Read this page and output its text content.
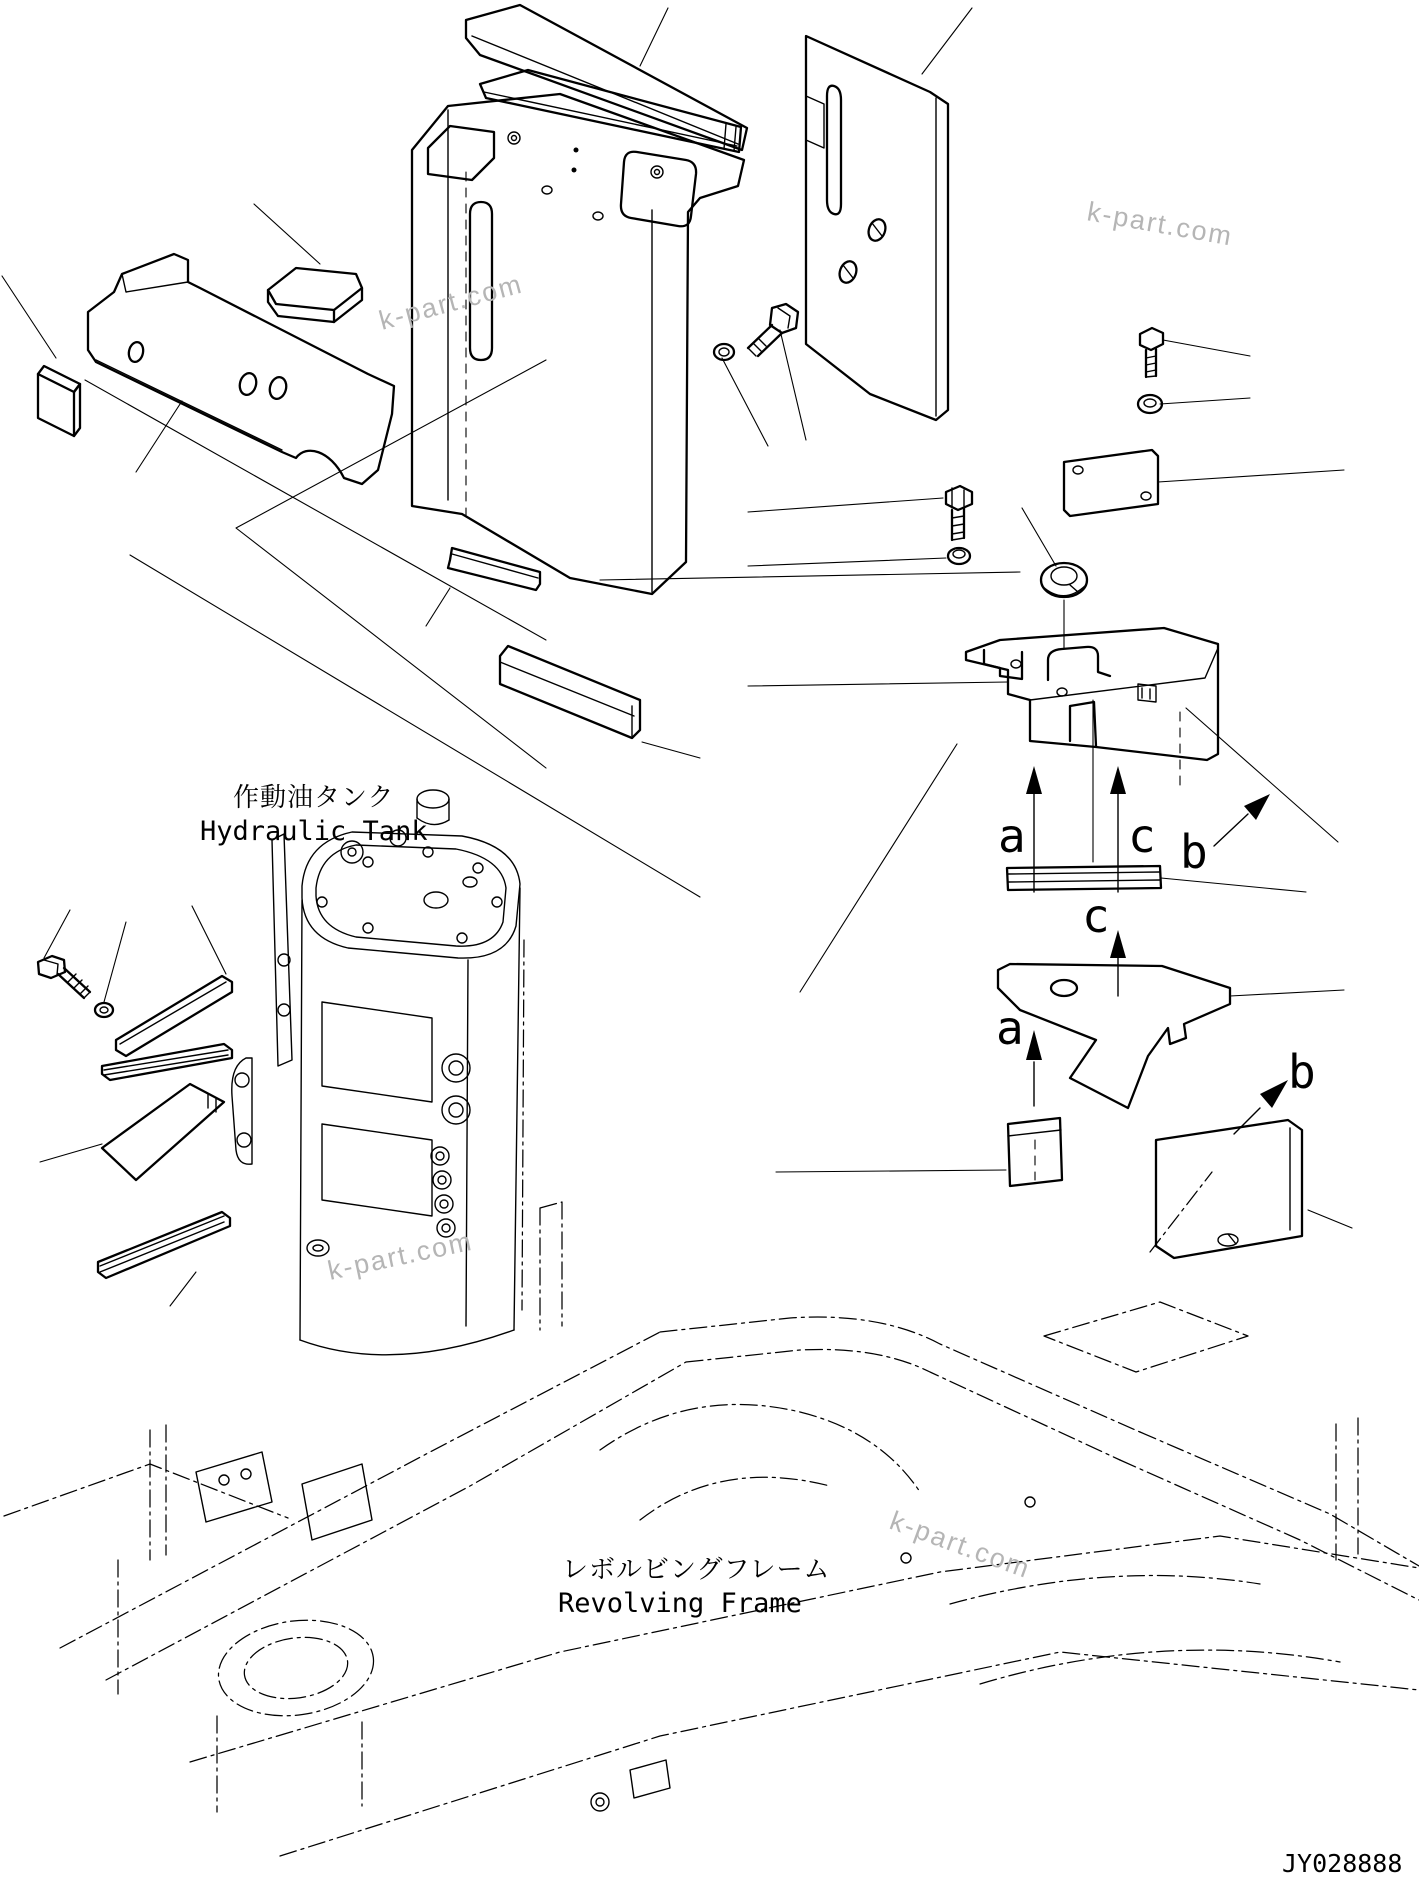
作動油タンク
Hydraulic Tank
レボルビングフレーム
Revolving Frame
a c b
c
a
b
k-part.com
k-part.com
k-part.com
k-part.com
JY028888
